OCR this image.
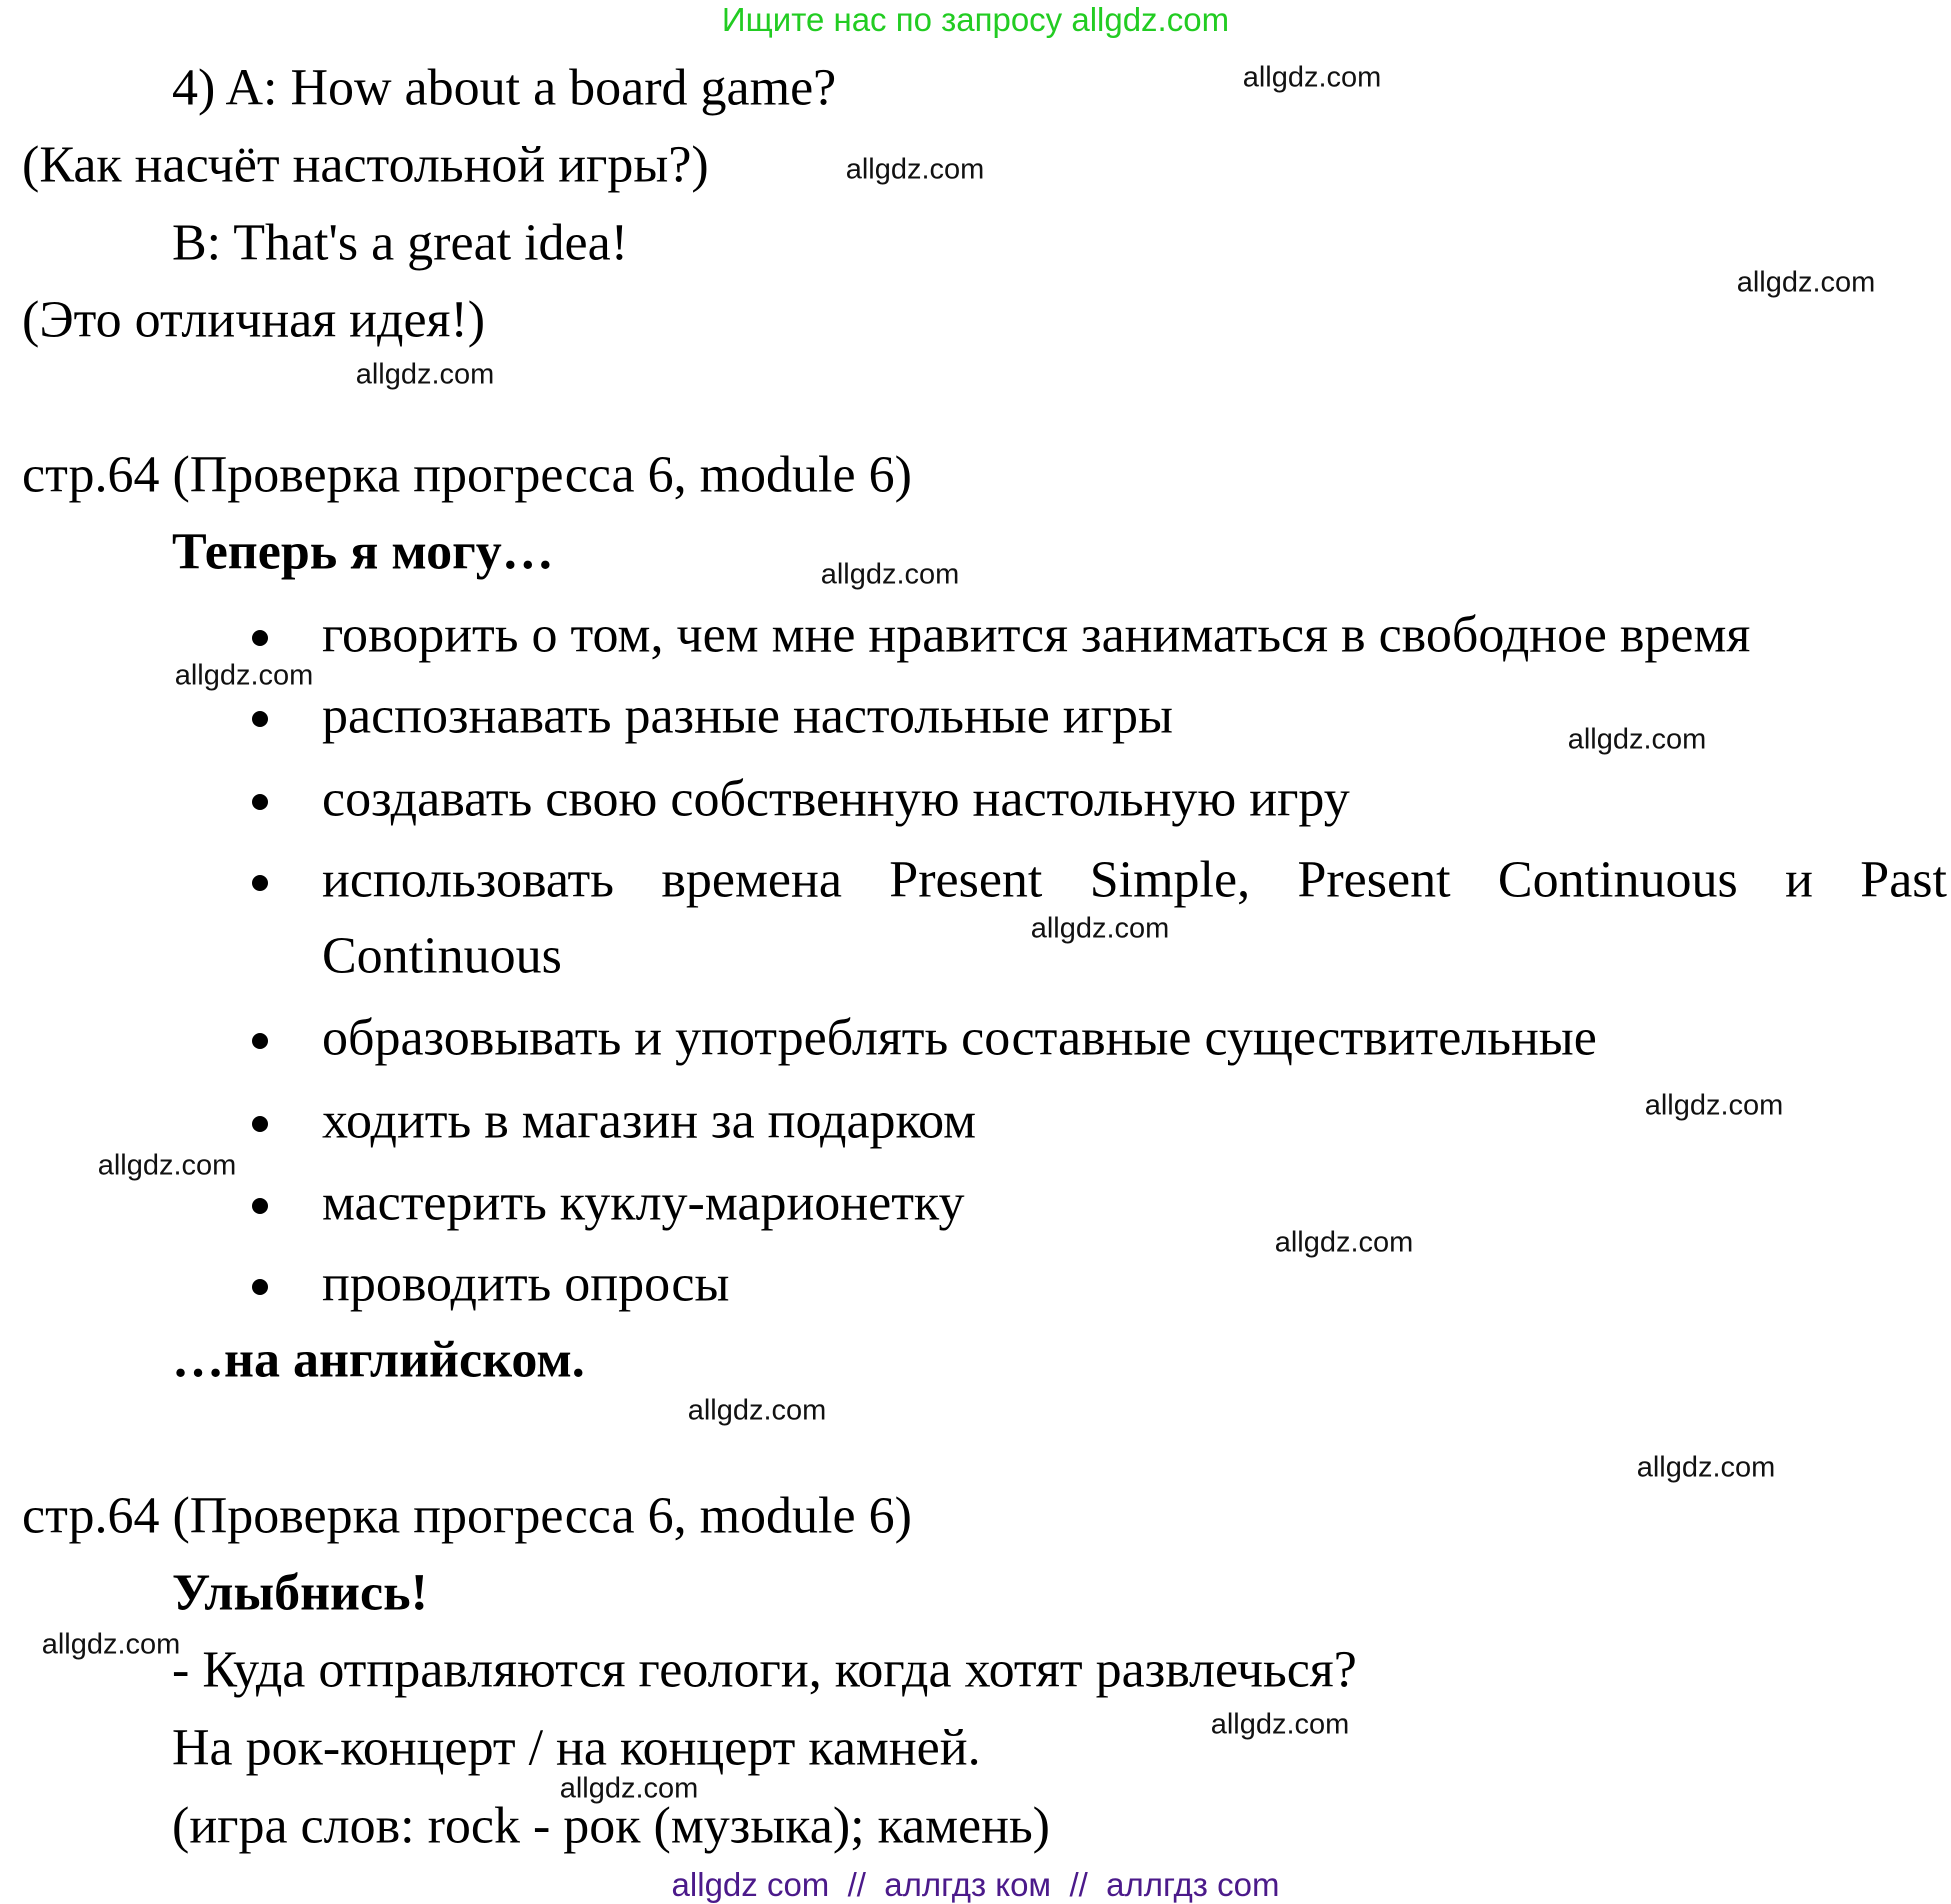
Ищите нас по запросу allgdz.com
4) A: How about a board game?
(Как насчёт настольной игры?)
B: That's a great idea!
(Это отличная идея!)
стр.64 (Проверка прогресса 6, module 6)
Теперь я могу…
говорить о том, чем мне нравится заниматься в свободное время
распознавать разные настольные игры
создавать свою собственную настольную игру
использовать времена Present Simple, Present Continuous и Past
Continuous
образовывать и употреблять составные существительные
ходить в магазин за подарком
мастерить куклу-марионетку
проводить опросы
…на английском.
стр.64 (Проверка прогресса 6, module 6)
Улыбнись!
- Куда отправляются геологи, когда хотят развлечься?
На рок-концерт / на концерт камней.
(игра слов: rock - рок (музыка); камень)
allgdz.com
allgdz.com
allgdz.com
allgdz.com
allgdz.com
allgdz.com
allgdz.com
allgdz.com
allgdz.com
allgdz.com
allgdz.com
allgdz.com
allgdz.com
allgdz.com
allgdz.com
allgdz.com
allgdz com  //  аллгдз ком  //  аллгдз com
